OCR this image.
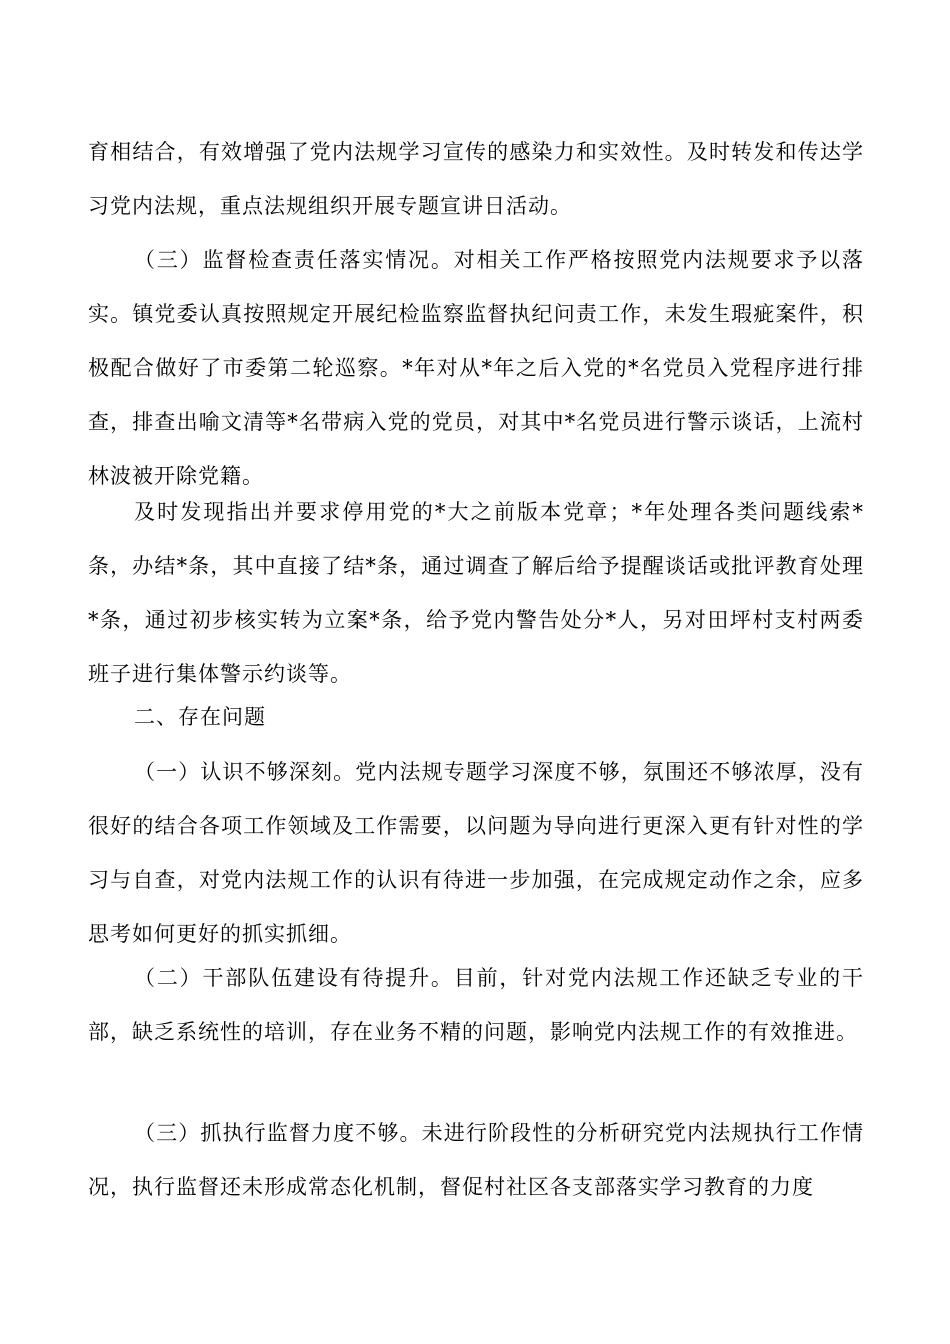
育相结合，有效增强了党内法规学习宣传的感染力和实效性。及时转发和传达学习党内法规，重点法规组织开展专题宣讲日活动。

（三）监督检查责任落实情况。对相关工作严格按照党内法规要求予以落实。镇党委认真按照规定开展纪检监察监督执纪问责工作，未发生瑕疵案件，积极配合做好了市委第二轮巡察。*年对从*年之后入党的*名党员入党程序进行排查，排查出喻文清等*名带病入党的党员，对其中*名党员进行警示谈话，上流村林波被开除党籍。

及时发现指出并要求停用党的*大之前版本党章；*年处理各类问题线索*条，办结*条，其中直接了结*条，通过调查了解后给予提醒谈话或批评教育处理*条，通过初步核实转为立案*条，给予党内警告处分*人，另对田坪村支村两委班子进行集体警示约谈等。

二、存在问题

（一）认识不够深刻。党内法规专题学习深度不够，氛围还不够浓厚，没有很好的结合各项工作领域及工作需要，以问题为导向进行更深入更有针对性的学习与自查，对党内法规工作的认识有待进一步加强，在完成规定动作之余，应多思考如何更好的抓实抓细。

（二）干部队伍建设有待提升。目前，针对党内法规工作还缺乏专业的干部，缺乏系统性的培训，存在业务不精的问题，影响党内法规工作的有效推进。

（三）抓执行监督力度不够。未进行阶段性的分析研究党内法规执行工作情况，执行监督还未形成常态化机制，督促村社区各支部落实学习教育的力度
